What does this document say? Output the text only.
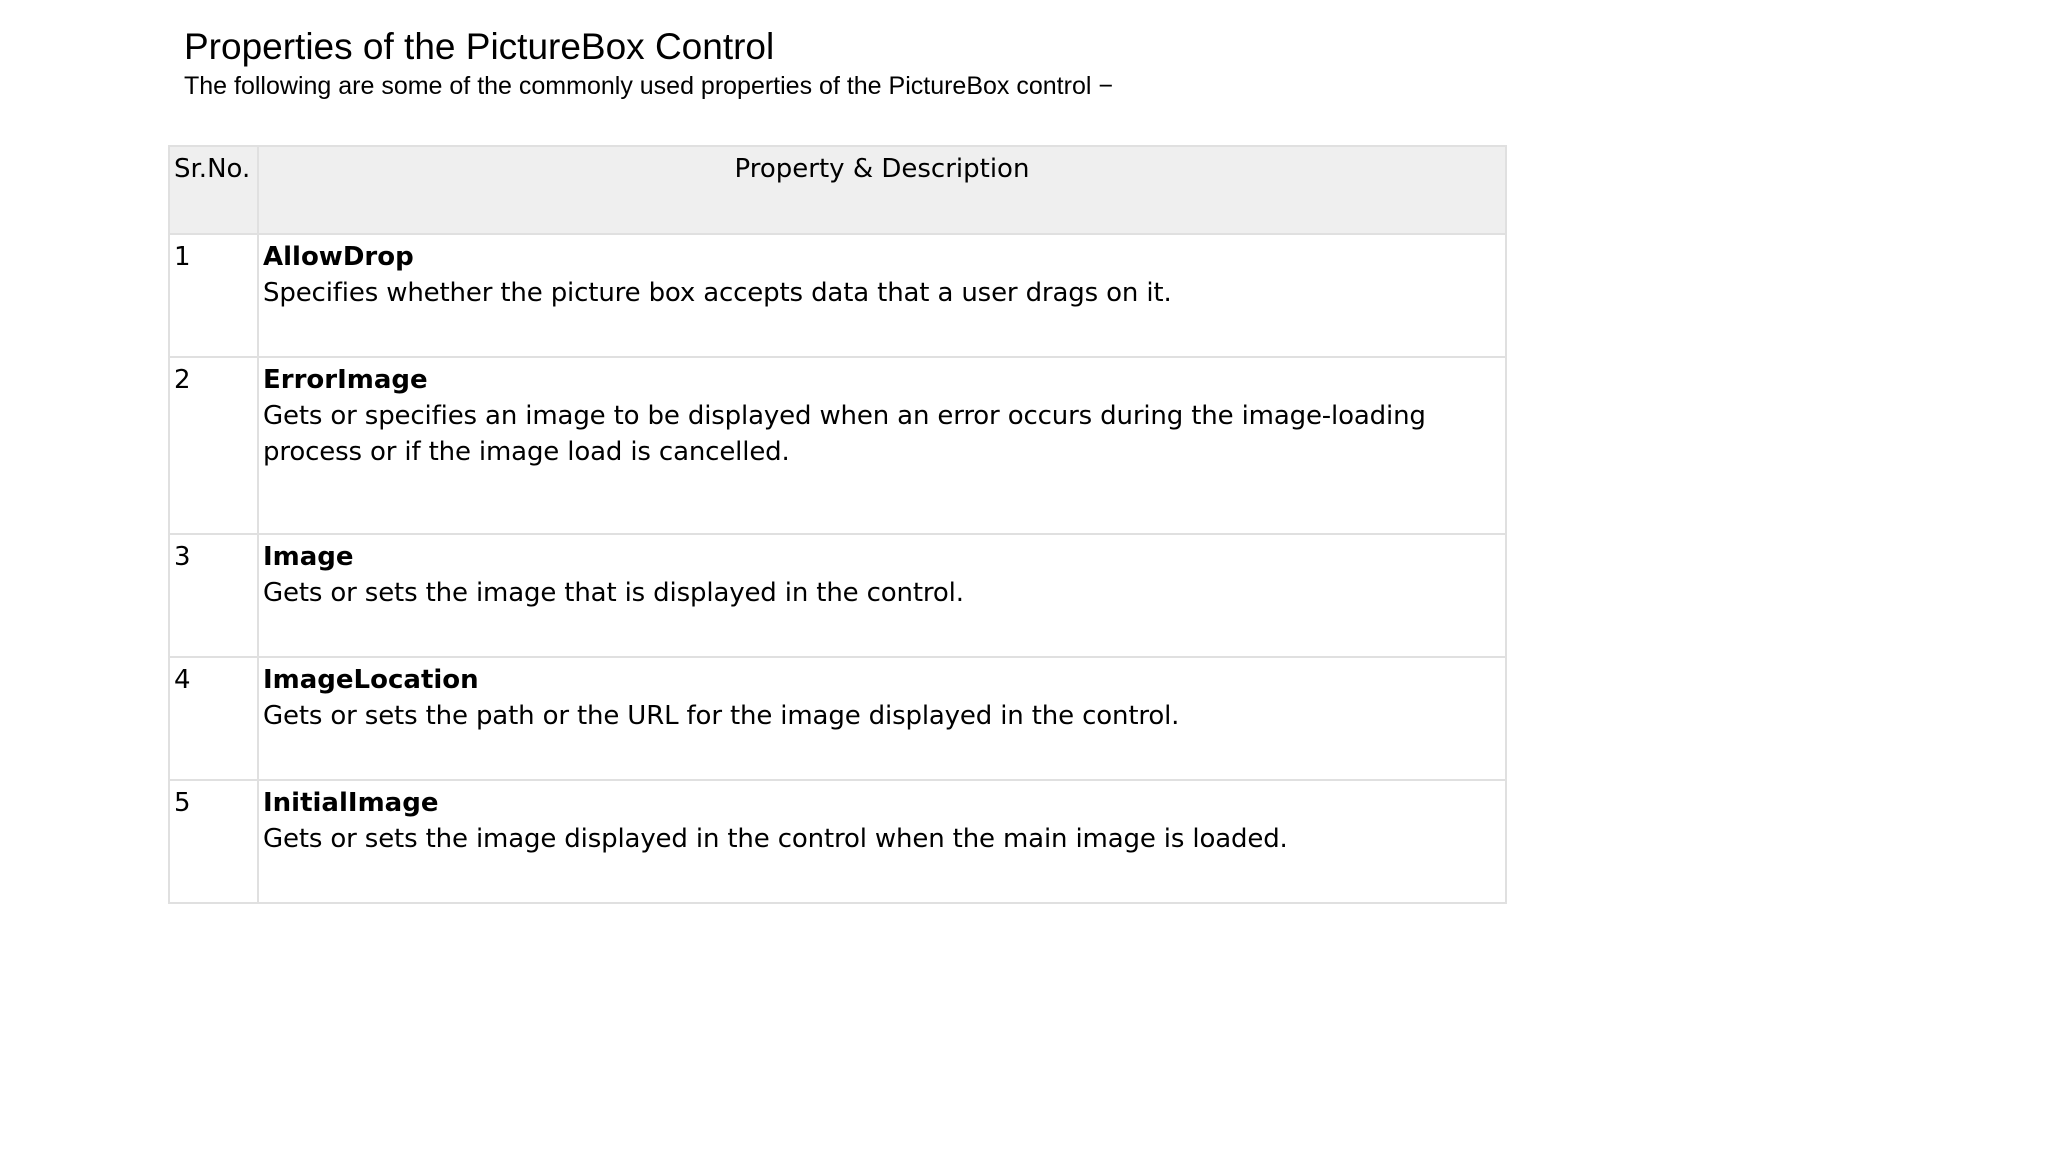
Properties of the PictureBox Control

The following are some of the commonly used properties of the PictureBox control −

Sr.No.	Property & Description
1	AllowDrop
Specifies whether the picture box accepts data that a user drags on it.

2	ErrorImage
Gets or specifies an image to be displayed when an error occurs during the image-loading process or if the image load is cancelled.

3	Image
Gets or sets the image that is displayed in the control.

4	ImageLocation
Gets or sets the path or the URL for the image displayed in the control.

5	InitialImage
Gets or sets the image displayed in the control when the main image is loaded.
